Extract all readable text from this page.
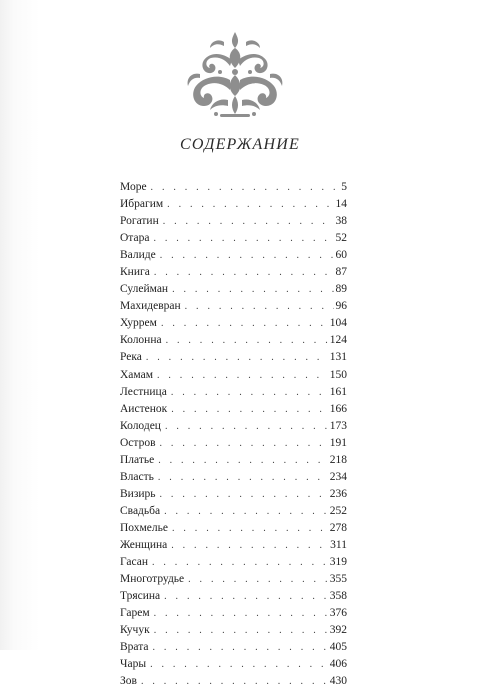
СОДЕРЖАНИЕ
Море . . .	5
Ибрагим . . .	14
Рогатин . . .	38
Отара . . .	52
Валиде . . .	60
Книга . . .	87
Сулейман . . .	89
Махидевран . . .	96
Хуррем . . .	104
Колонна . . .	124
Река . . .	131
Хамам . . .	150
Лестница . . .	161
Аистенок . . .	166
Колодец . . .	173
Остров . . .	191
Платье . . .	218
Власть . . .	234
Визирь . . .	236
Свадьба . . .	252
Похмелье . . .	278
Женщина . . .	311
Гасан . . .	319
Многотрудье . . .	355
Трясина . . .	358
Гарем . . .	376
Кучук . . .	392
Врата . . .	405
Чары . . .	406
Зов . . .	430
